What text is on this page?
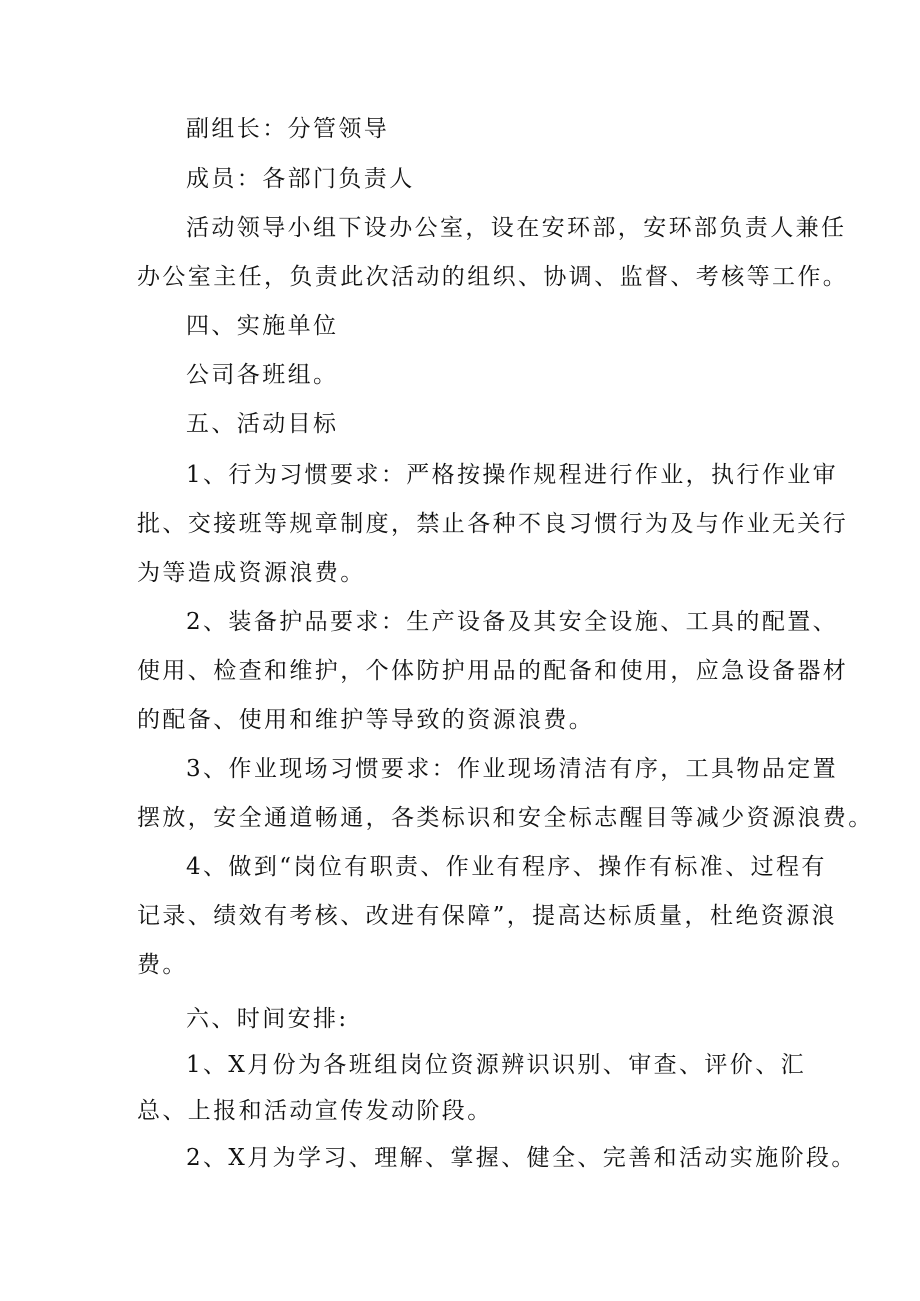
副组长：分管领导
成员：各部门负责人
活动领导小组下设办公室，设在安环部，安环部负责人兼任
办公室主任，负责此次活动的组织、协调、监督、考核等工作。
四、实施单位
公司各班组。
五、活动目标
1、行为习惯要求：严格按操作规程进行作业，执行作业审
批、交接班等规章制度，禁止各种不良习惯行为及与作业无关行
为等造成资源浪费。
2、装备护品要求：生产设备及其安全设施、工具的配置、
使用、检查和维护，个体防护用品的配备和使用，应急设备器材
的配备、使用和维护等导致的资源浪费。
3、作业现场习惯要求：作业现场清洁有序，工具物品定置
摆放，安全通道畅通，各类标识和安全标志醒目等减少资源浪费。
4、做到“岗位有职责、作业有程序、操作有标准、过程有
记录、绩效有考核、改进有保障”，提高达标质量，杜绝资源浪
费。
六、时间安排:
1、X月份为各班组岗位资源辨识识别、审查、评价、汇
总、上报和活动宣传发动阶段。
2、X月为学习、理解、掌握、健全、完善和活动实施阶段。
